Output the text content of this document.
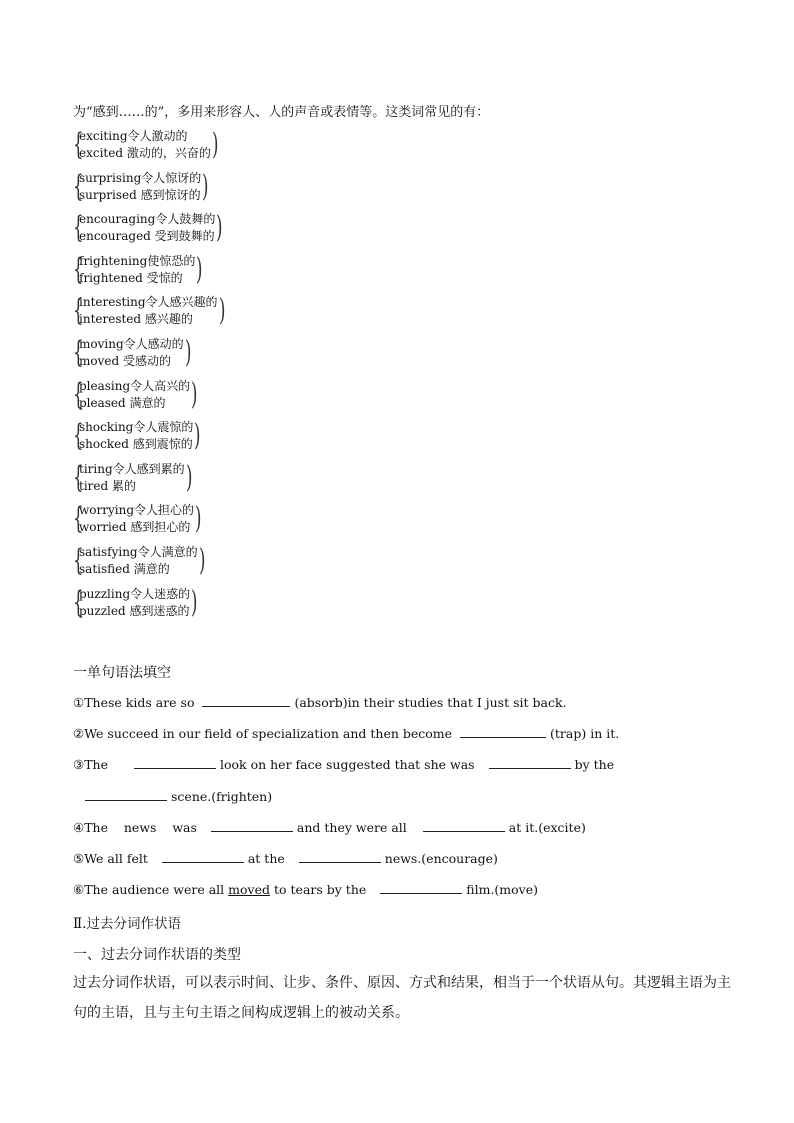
为“感到……的”，多用来形容人、人的声音或表情等。这类词常见的有：
{
exciting令人激动的
excited 激动的，兴奋的 )
{
surprising令人惊讶的
surprised 感到惊讶的 )
{
encouraging令人鼓舞的
encouraged 受到鼓舞的 )
{
frightening使惊恐的
frightened 受惊的 )
{
interesting令人感兴趣的
interested 感兴趣的 )
{
moving令人感动的
moved 受感动的 )
{
pleasing令人高兴的
pleased 满意的 )
{
shocking令人震惊的
shocked 感到震惊的 )
{
tiring令人感到累的
tired 累的 )
{
worrying令人担心的
worried 感到担心的 )
{
satisfying令人满意的
satisfied 满意的 )
{
puzzling令人迷惑的
puzzled 感到迷惑的 )
一单句语法填空
①These kids are so	(absorb)in their studies that I just sit back.
②We succeed in our field of specialization and then become	(trap) in it.
③The	look on her face suggested that she was	by the
scene.(frighten)
④The    news    was	and they were all	at it.(excite)
⑤We all felt	at the	news.(encourage)
⑥The audience were all moved to tears by the	film.(move)
Ⅱ.过去分词作状语
一、过去分词作状语的类型
过去分词作状语，可以表示时间、让步、条件、原因、方式和结果，相当于一个状语从句。其逻辑主语为主句的主语，且与主句主语之间构成逻辑上的被动关系。
